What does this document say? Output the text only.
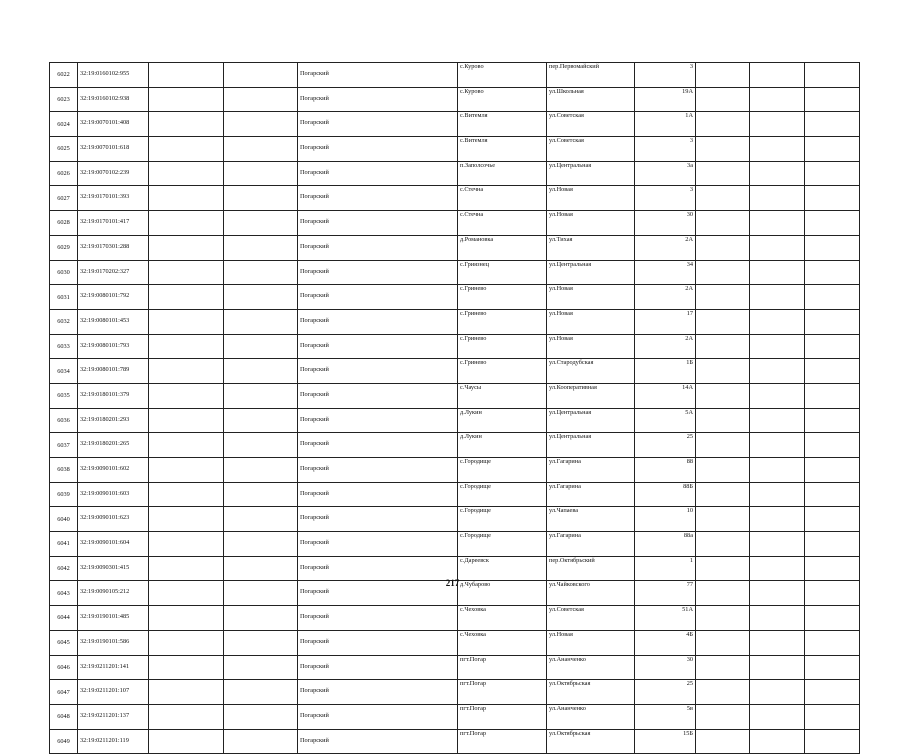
6022	32:19:0160102:955			Погарский	с.Курово	пер.Первомайский	3			
6023	32:19:0160102:938			Погарский	с.Курово	ул.Школьная	19А			
6024	32:19:0070101:408			Погарский	с.Витемля	ул.Советская	1А			
6025	32:19:0070101:618			Погарский	с.Витемля	ул.Советская	3			
6026	32:19:0070102:239			Погарский	п.Заполсочье	ул.Центральная	3а			
6027	32:19:0170101:393			Погарский	с.Стечна	ул.Новая	3			
6028	32:19:0170101:417			Погарский	с.Стечна	ул.Новая	30			
6029	32:19:0170301:288			Погарский	д.Романовка	ул.Тихая	2А			
6030	32:19:0170202:327			Погарский	с.Гриязнец	ул.Центральная	34			
6031	32:19:0080101:792			Погарский	с.Гринево	ул.Новая	2А			
6032	32:19:0080101:453			Погарский	с.Гринево	ул.Новая	17			
6033	32:19:0080101:793			Погарский	с.Гринево	ул.Новая	2А			
6034	32:19:0080101:789			Погарский	с.Гринево	ул.Стародубская	1Б			
6035	32:19:0180101:379			Погарский	с.Чаусы	ул.Кооперативная	14А			
6036	32:19:0180201:293			Погарский	д.Лукин	ул.Центральная	5А			
6037	32:19:0180201:265			Погарский	д.Лукин	ул.Центральная	25			
6038	32:19:0090101:602			Погарский	с.Городище	ул.Гагарина	88			
6039	32:19:0090101:603			Погарский	с.Городище	ул.Гагарина	88Б			
6040	32:19:0090101:623			Погарский	с.Городище	ул.Чапаева	10			
6041	32:19:0090101:604			Погарский	с.Городище	ул.Гагарина	88а			
6042	32:19:0090301:415			Погарский	с.Дареевск	пер.Октябрьский	1			
6043	32:19:0090105:212			Погарский	д.Чубарово	ул.Чайковского	77			
6044	32:19:0190101:485			Погарский	с.Чеховка	ул.Советская	51А			
6045	32:19:0190101:586			Погарский	с.Чеховка	ул.Новая	4Б			
6046	32:19:0211201:141			Погарский	пгт.Погар	ул.Ананченко	30			
6047	32:19:0211201:107			Погарский	пгт.Погар	ул.Октябрьская	25			
6048	32:19:0211201:137			Погарский	пгт.Погар	ул.Ананченко	5в			
6049	32:19:0211201:119			Погарский	пгт.Погар	ул.Октябрьская	15Б			
217
